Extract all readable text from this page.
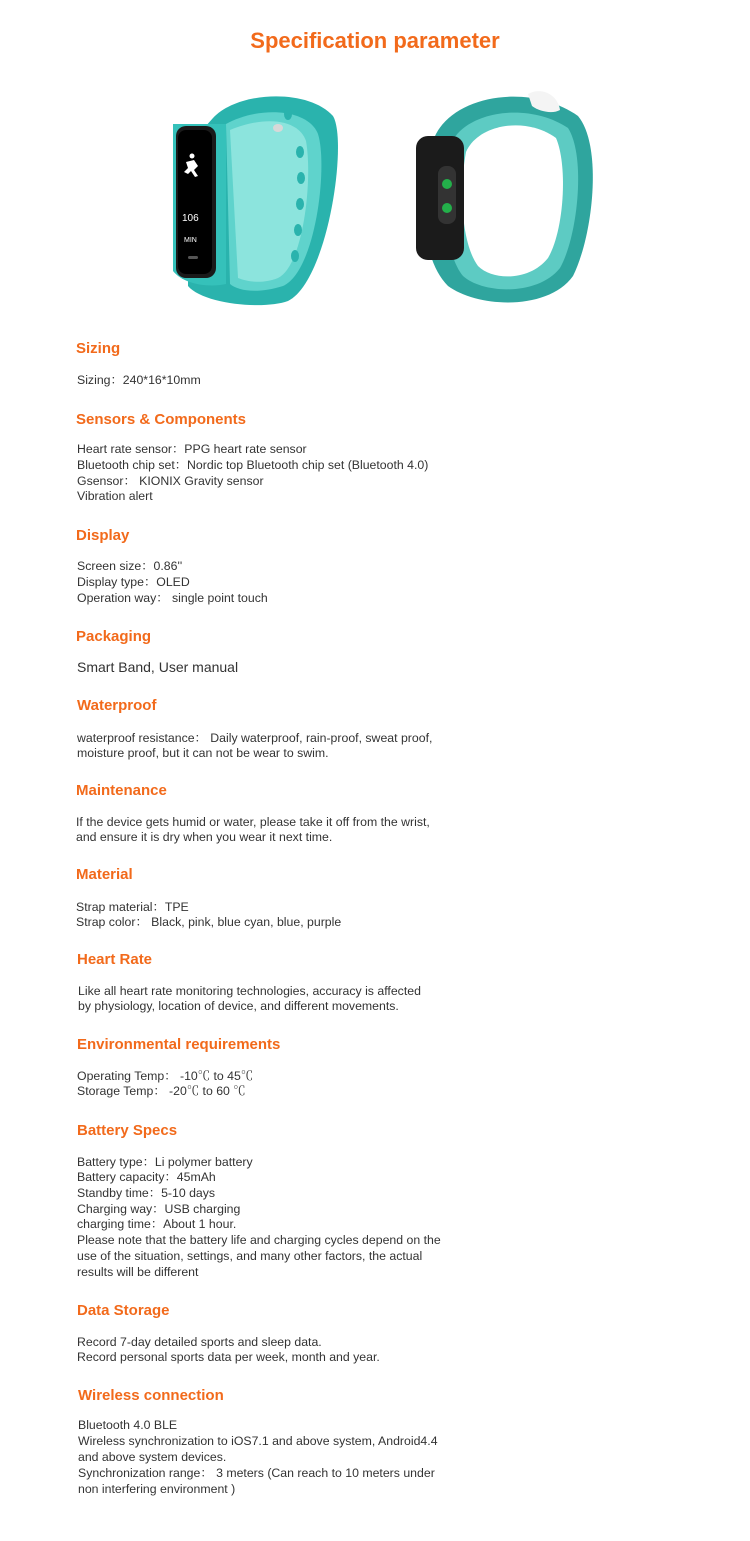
Specification parameter
106
MIN
Sizing

Sizing：240*16*10mm

Sensors & Components

Heart rate sensor：PPG heart rate sensor

Bluetooth chip set：Nordic top Bluetooth chip set (Bluetooth 4.0)

Gsensor： KIONIX Gravity sensor

Vibration alert

Display

Screen size：0.86''

Display type：OLED

Operation way： single point touch

Packaging

Smart Band, User manual

Waterproof

waterproof resistance： Daily waterproof, rain-proof, sweat proof,

moisture proof, but it can not be wear to swim.

Maintenance

If the device gets humid or water, please take it off from the wrist,

and ensure it is dry when you wear it next time.

Material

Strap material：TPE

Strap color： Black, pink, blue cyan, blue, purple

Heart Rate

Like all heart rate monitoring technologies, accuracy is affected

by physiology, location of device, and different movements.

Environmental requirements

Operating Temp： -10℃ to 45℃

Storage Temp： -20℃ to 60 ℃

Battery Specs

Battery type：Li polymer battery

Battery capacity：45mAh

Standby time：5-10 days

Charging way：USB charging

charging time：About 1 hour.

Please note that the battery life and charging cycles depend on the

use of the situation, settings, and many other factors, the actual

results will be different

Data Storage

Record 7-day detailed sports and sleep data.

Record personal sports data per week, month and year.

Wireless connection

Bluetooth 4.0 BLE

Wireless synchronization to iOS7.1 and above system, Android4.4

and above system devices.

Synchronization range： 3 meters (Can reach to 10 meters under

non interfering environment )
